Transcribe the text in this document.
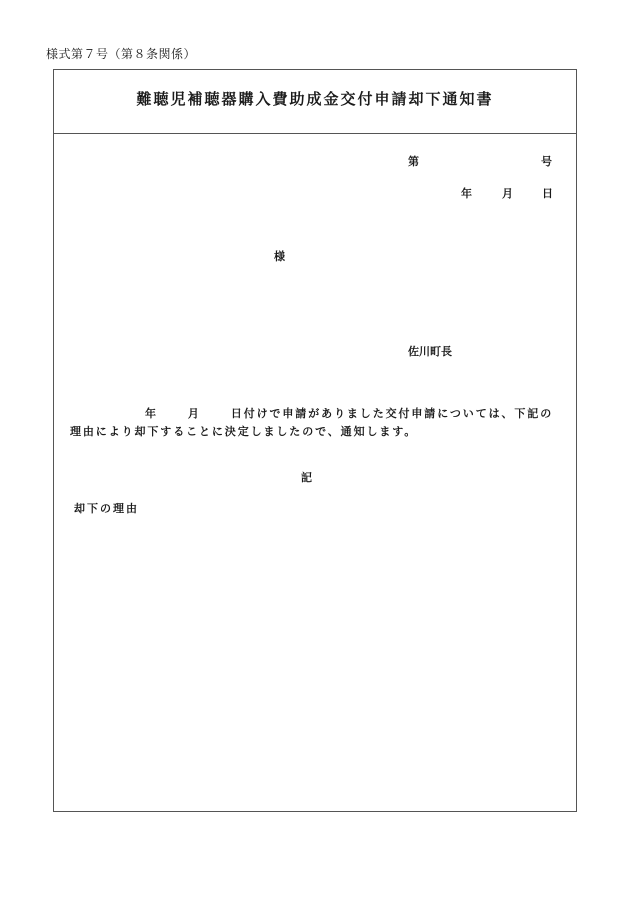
様式第７号（第８条関係）
難聴児補聴器購入費助成金交付申請却下通知書
第	号
年	月	日
様
佐川町長
年	月	日付けで申請がありました交付申請については、下記の
理由により却下することに決定しましたので、通知します。
記
却下の理由
